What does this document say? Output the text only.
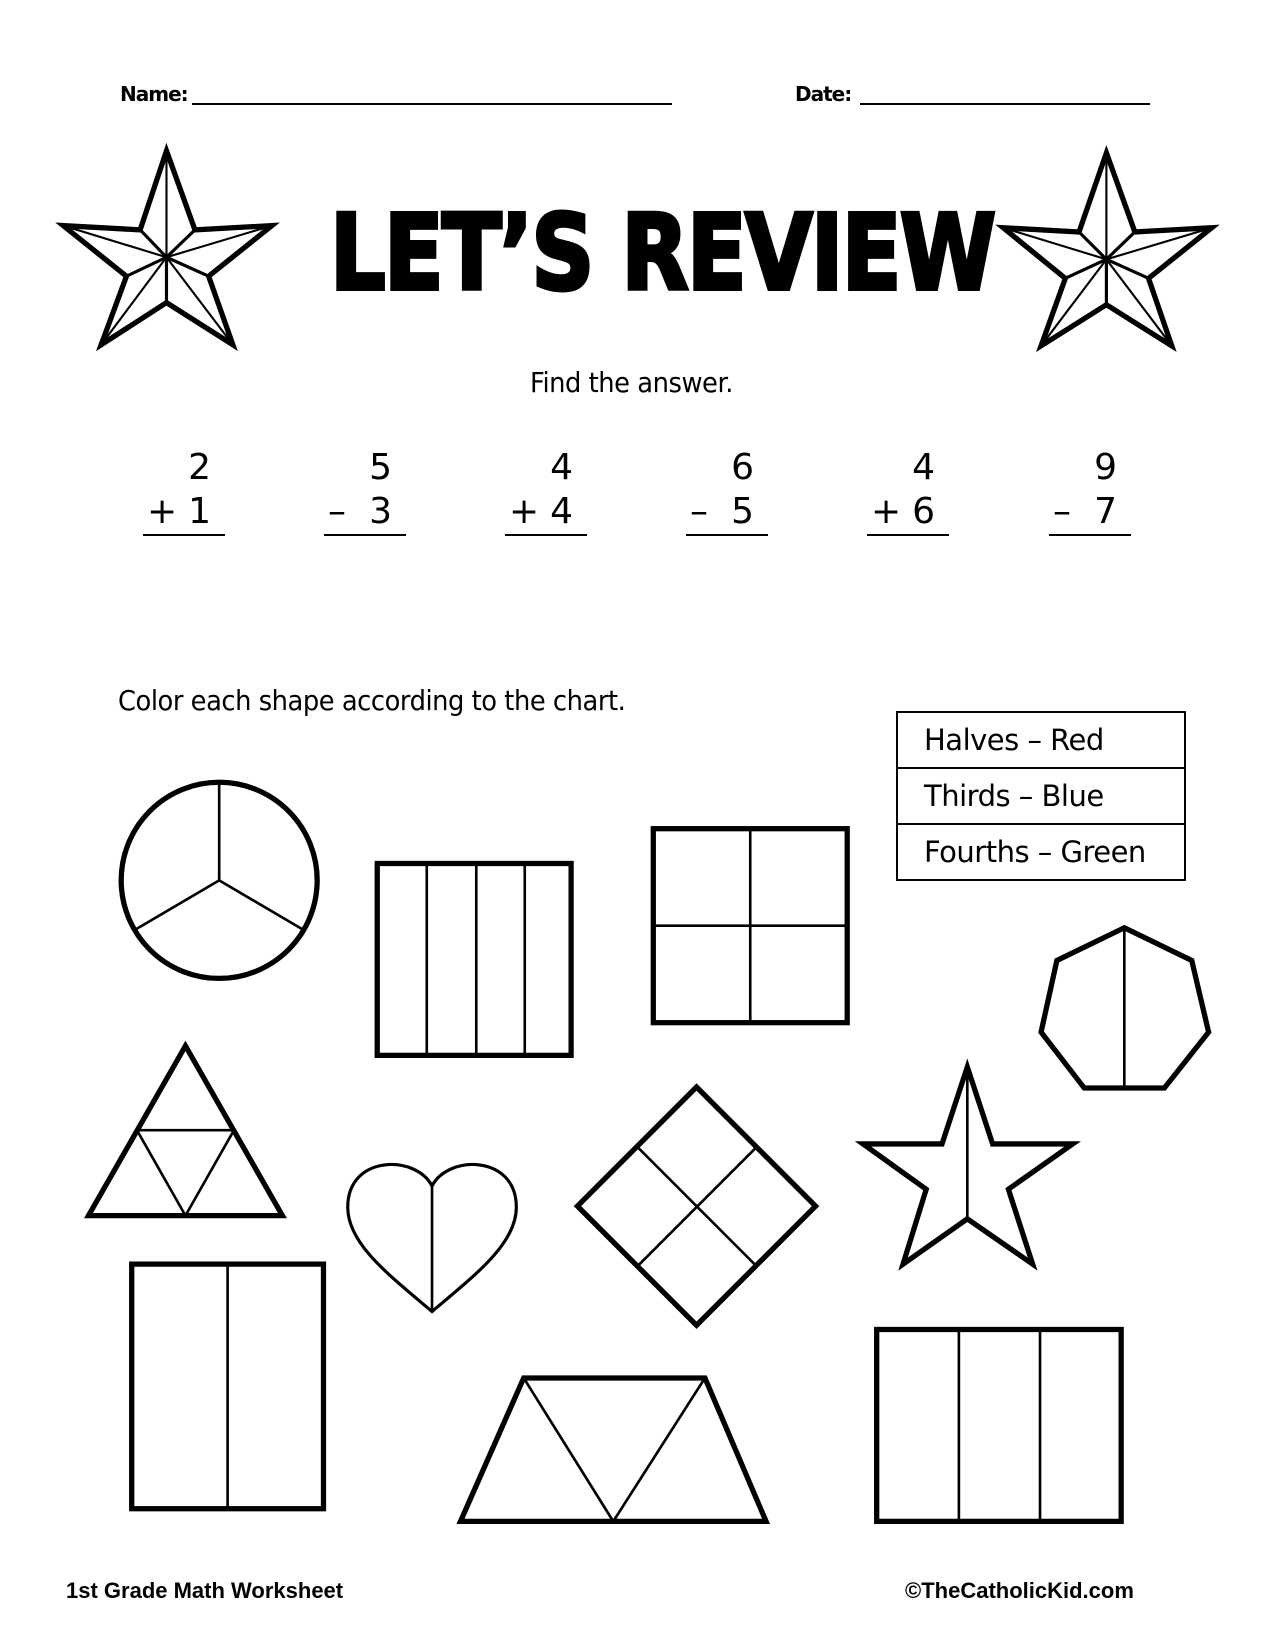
Name:	Date:
LET’S REVIEW
Find the answer.
2
+ 1
5
– 3
4
+ 4
6
– 5
4
+ 6
9
– 7
Color each shape according to the chart.
Halves – Red
Thirds – Blue
Fourths – Green
1st Grade Math Worksheet	©TheCatholicKid.com
